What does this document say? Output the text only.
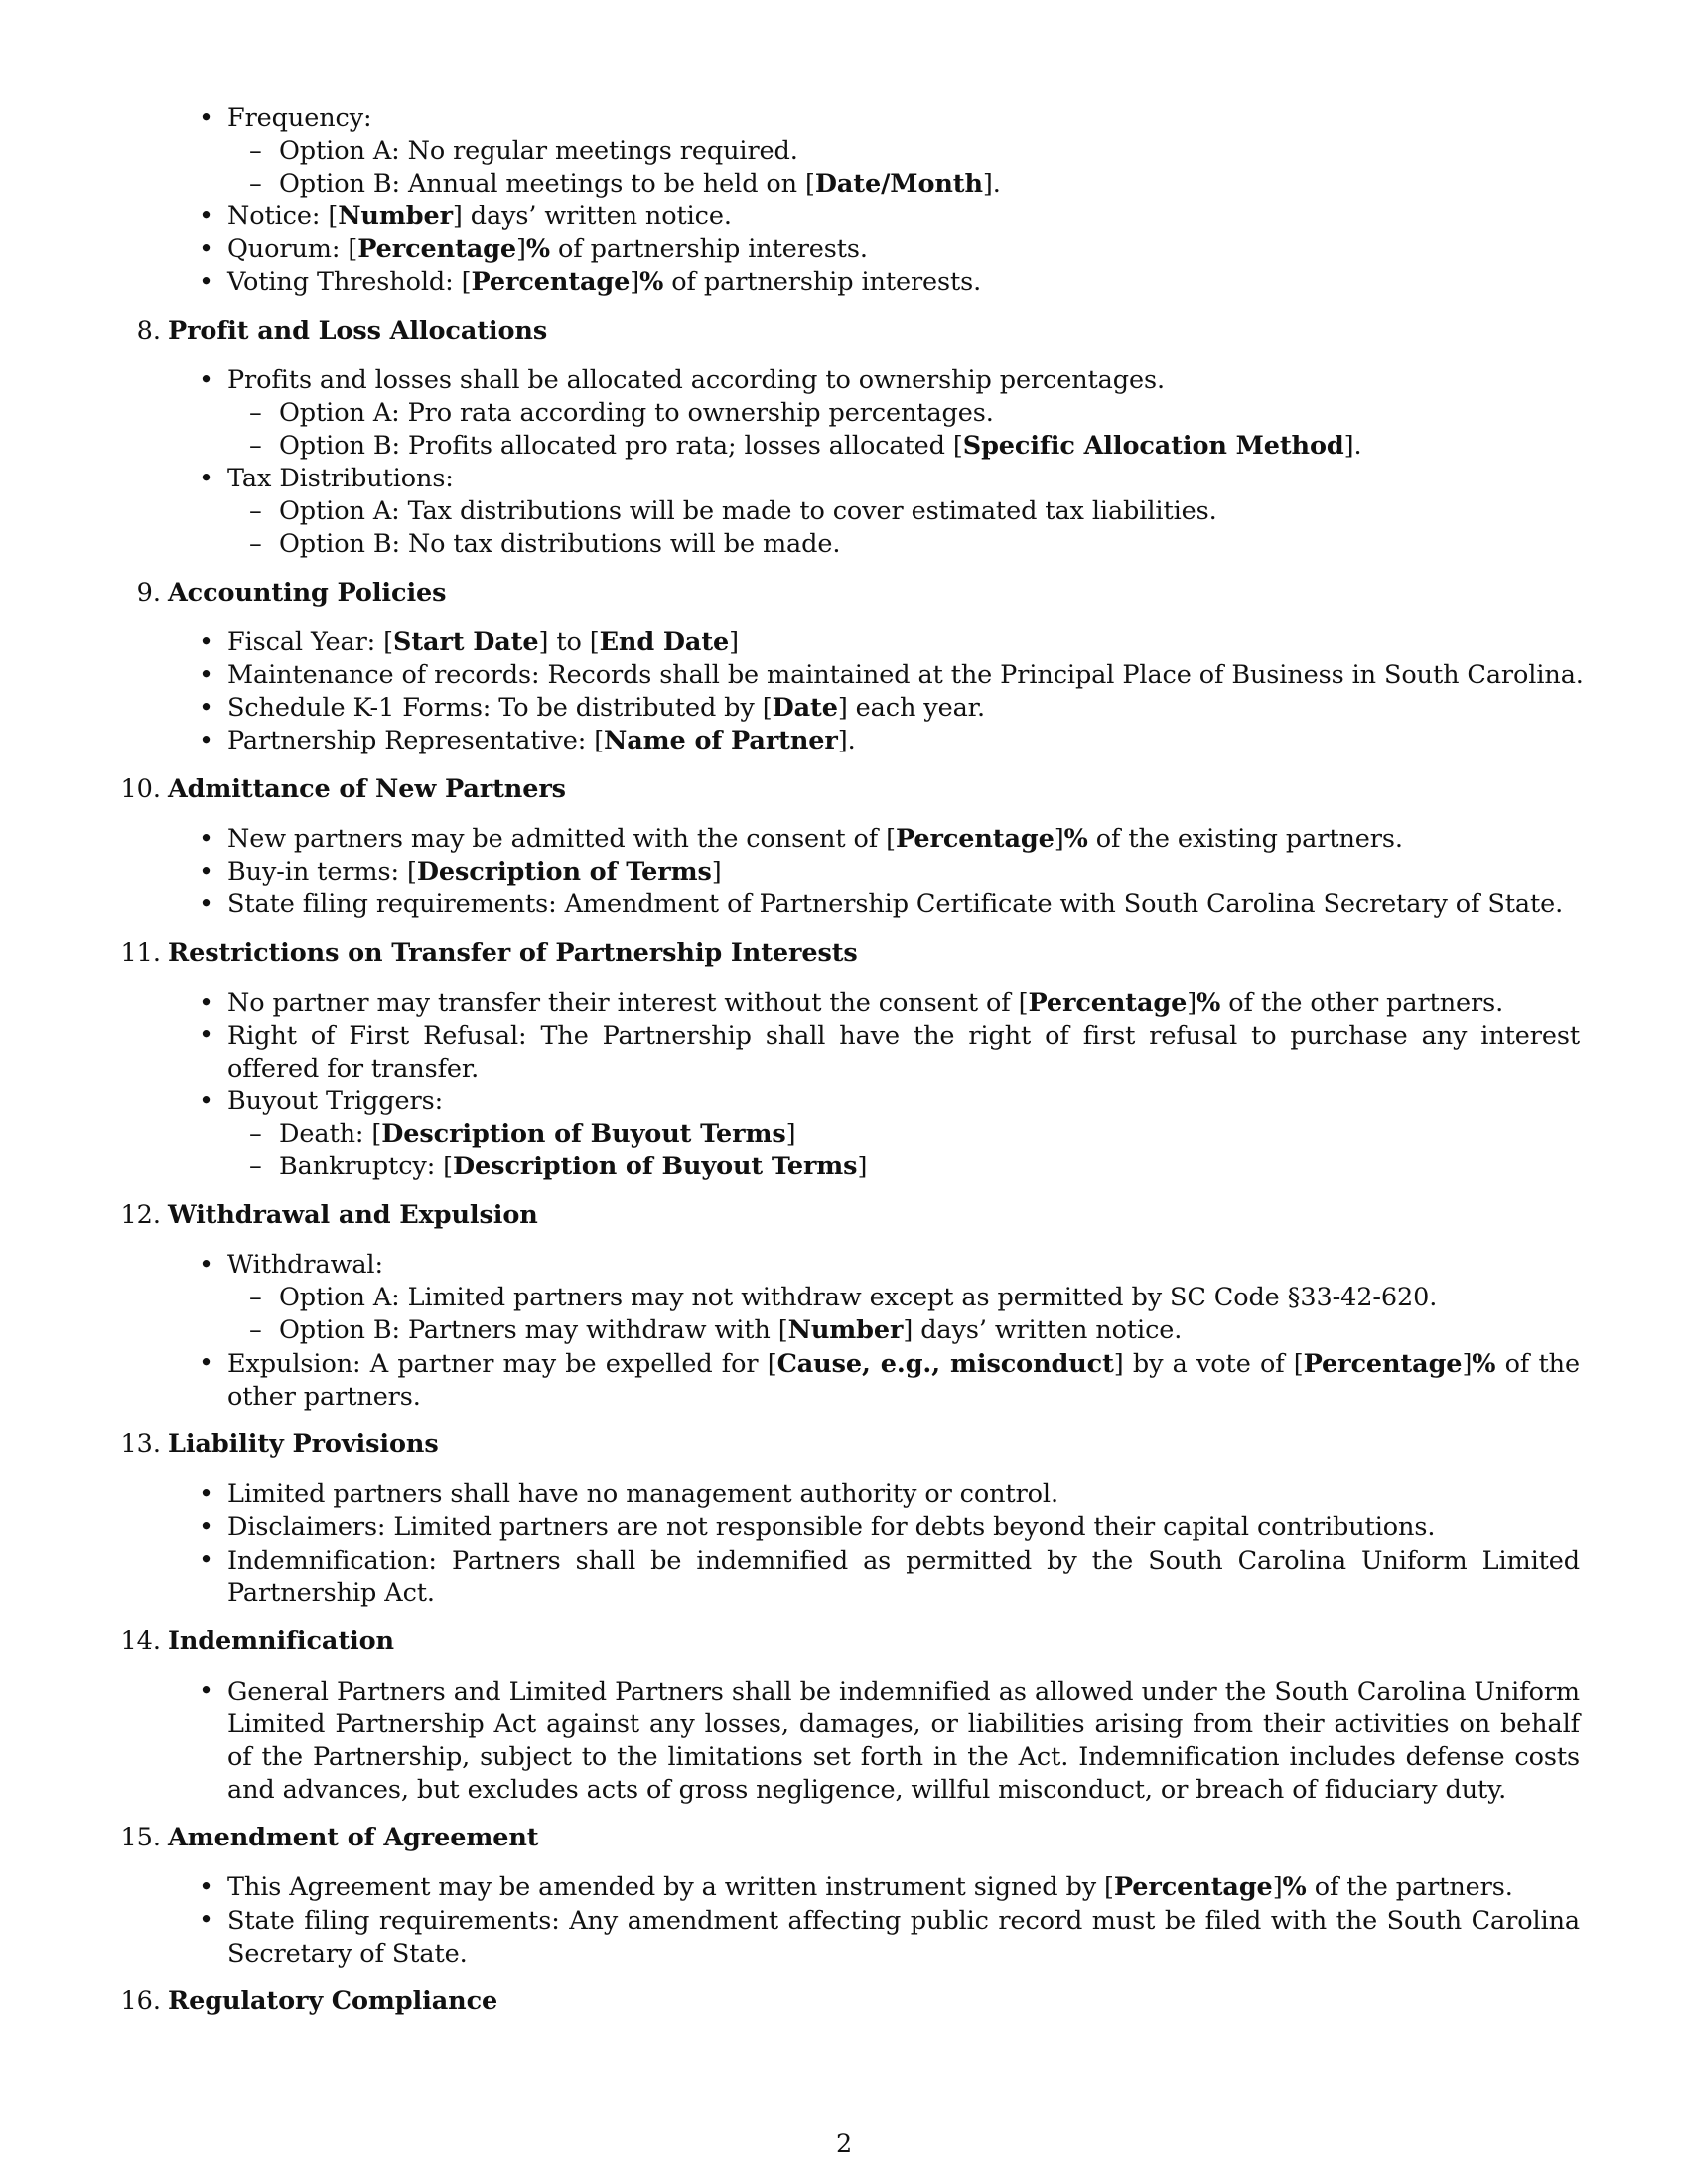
• Frequency:
– Option A: No regular meetings required.
– Option B: Annual meetings to be held on [Date/Month].
• Notice: [Number] days’ written notice.
• Quorum: [Percentage]% of partnership interests.
• Voting Threshold: [Percentage]% of partnership interests.
8. Profit and Loss Allocations
• Profits and losses shall be allocated according to ownership percentages.
– Option A: Pro rata according to ownership percentages.
– Option B: Profits allocated pro rata; losses allocated [Specific Allocation Method].
• Tax Distributions:
– Option A: Tax distributions will be made to cover estimated tax liabilities.
– Option B: No tax distributions will be made.
9. Accounting Policies
• Fiscal Year: [Start Date] to [End Date]
• Maintenance of records: Records shall be maintained at the Principal Place of Business in South Carolina.
• Schedule K-1 Forms: To be distributed by [Date] each year.
• Partnership Representative: [Name of Partner].
10. Admittance of New Partners
• New partners may be admitted with the consent of [Percentage]% of the existing partners.
• Buy-in terms: [Description of Terms]
• State filing requirements: Amendment of Partnership Certificate with South Carolina Secretary of State.
11. Restrictions on Transfer of Partnership Interests
• No partner may transfer their interest without the consent of [Percentage]% of the other partners.
• Right of First Refusal: The Partnership shall have the right of first refusal to purchase any interest offered for transfer.
• Buyout Triggers:
– Death: [Description of Buyout Terms]
– Bankruptcy: [Description of Buyout Terms]
12. Withdrawal and Expulsion
• Withdrawal:
– Option A: Limited partners may not withdraw except as permitted by SC Code §33-42-620.
– Option B: Partners may withdraw with [Number] days’ written notice.
• Expulsion: A partner may be expelled for [Cause, e.g., misconduct] by a vote of [Percentage]% of the other partners.
13. Liability Provisions
• Limited partners shall have no management authority or control.
• Disclaimers: Limited partners are not responsible for debts beyond their capital contributions.
• Indemnification: Partners shall be indemnified as permitted by the South Carolina Uniform Limited Partnership Act.
14. Indemnification
• General Partners and Limited Partners shall be indemnified as allowed under the South Carolina Uniform Limited Partnership Act against any losses, damages, or liabilities arising from their activities on behalf of the Partnership, subject to the limitations set forth in the Act. Indemnification includes defense costs and advances, but excludes acts of gross negligence, willful misconduct, or breach of fiduciary duty.
15. Amendment of Agreement
• This Agreement may be amended by a written instrument signed by [Percentage]% of the partners.
• State filing requirements: Any amendment affecting public record must be filed with the South Carolina Secretary of State.
16. Regulatory Compliance
2
